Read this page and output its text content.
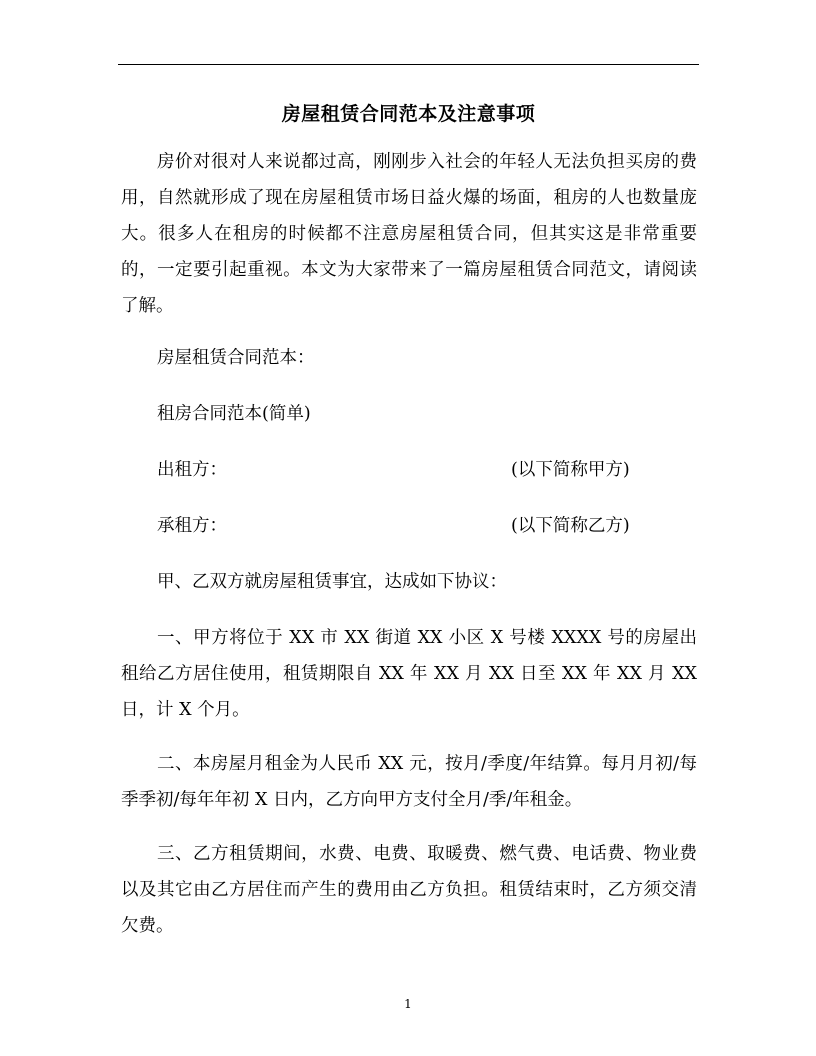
房屋租赁合同范本及注意事项
房价对很对人来说都过高，刚刚步入社会的年轻人无法负担买房的费用，自然就形成了现在房屋租赁市场日益火爆的场面，租房的人也数量庞大。很多人在租房的时候都不注意房屋租赁合同，但其实这是非常重要的，一定要引起重视。本文为大家带来了一篇房屋租赁合同范文，请阅读了解。
房屋租赁合同范本：
租房合同范本(简单)
出租方：	(以下简称甲方)
承租方：	(以下简称乙方)
甲、乙双方就房屋租赁事宜，达成如下协议：
一、甲方将位于 XX 市 XX 街道 XX 小区 X 号楼 XXXX 号的房屋出租给乙方居住使用，租赁期限自 XX 年 XX 月 XX 日至 XX 年 XX 月 XX 日，计 X 个月。
二、本房屋月租金为人民币 XX 元，按月/季度/年结算。每月月初/每季季初/每年年初 X 日内，乙方向甲方支付全月/季/年租金。
三、乙方租赁期间，水费、电费、取暖费、燃气费、电话费、物业费以及其它由乙方居住而产生的费用由乙方负担。租赁结束时，乙方须交清欠费。
1
